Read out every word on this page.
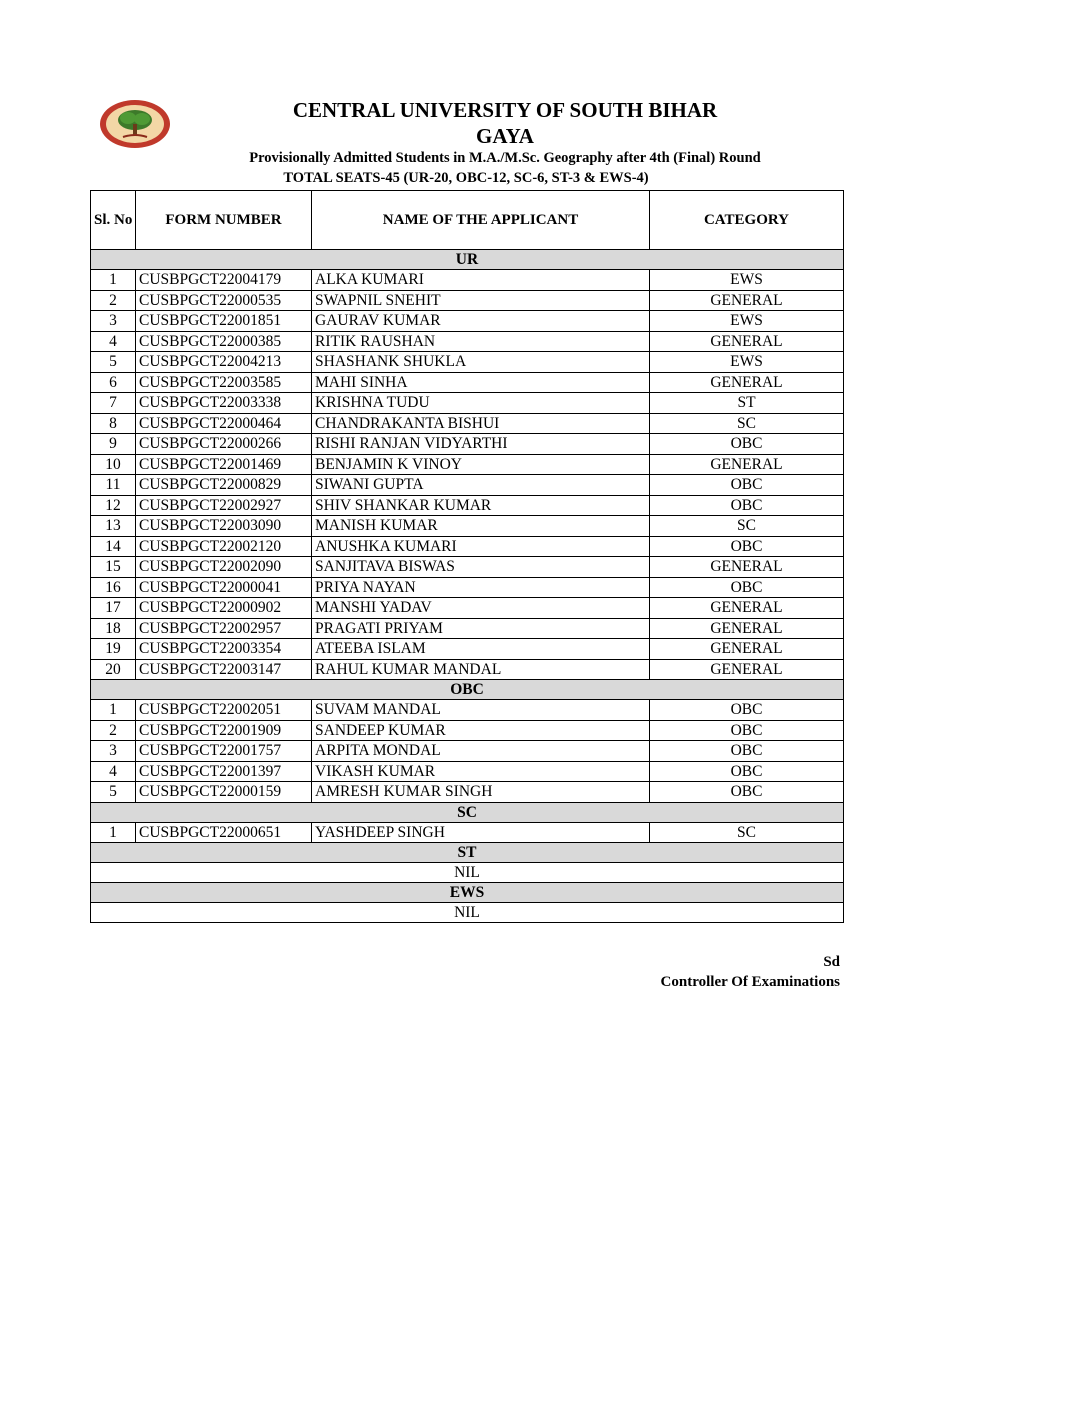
CENTRAL UNIVERSITY OF SOUTH BIHAR
GAYA
Provisionally Admitted Students in M.A./M.Sc. Geography after 4th (Final) Round
TOTAL SEATS-45 (UR-20, OBC-12, SC-6, ST-3 & EWS-4)
Sl. No	FORM NUMBER	NAME OF THE APPLICANT	CATEGORY
UR			
1	CUSBPGCT22004179	ALKA KUMARI	EWS
2	CUSBPGCT22000535	SWAPNIL SNEHIT	GENERAL
3	CUSBPGCT22001851	GAURAV KUMAR	EWS
4	CUSBPGCT22000385	RITIK RAUSHAN	GENERAL
5	CUSBPGCT22004213	SHASHANK SHUKLA	EWS
6	CUSBPGCT22003585	MAHI SINHA	GENERAL
7	CUSBPGCT22003338	KRISHNA TUDU	ST
8	CUSBPGCT22000464	CHANDRAKANTA BISHUI	SC
9	CUSBPGCT22000266	RISHI RANJAN VIDYARTHI	OBC
10	CUSBPGCT22001469	BENJAMIN K VINOY	GENERAL
11	CUSBPGCT22000829	SIWANI GUPTA	OBC
12	CUSBPGCT22002927	SHIV SHANKAR KUMAR	OBC
13	CUSBPGCT22003090	MANISH KUMAR	SC
14	CUSBPGCT22002120	ANUSHKA KUMARI	OBC
15	CUSBPGCT22002090	SANJITAVA BISWAS	GENERAL
16	CUSBPGCT22000041	PRIYA NAYAN	OBC
17	CUSBPGCT22000902	MANSHI YADAV	GENERAL
18	CUSBPGCT22002957	PRAGATI PRIYAM	GENERAL
19	CUSBPGCT22003354	ATEEBA ISLAM	GENERAL
20	CUSBPGCT22003147	RAHUL KUMAR MANDAL	GENERAL
OBC			
1	CUSBPGCT22002051	SUVAM MANDAL	OBC
2	CUSBPGCT22001909	SANDEEP KUMAR	OBC
3	CUSBPGCT22001757	ARPITA MONDAL	OBC
4	CUSBPGCT22001397	VIKASH KUMAR	OBC
5	CUSBPGCT22000159	AMRESH KUMAR SINGH	OBC
SC			
1	CUSBPGCT22000651	YASHDEEP SINGH	SC
ST			
NIL			
EWS			
NIL			
Sd
Controller Of Examinations
